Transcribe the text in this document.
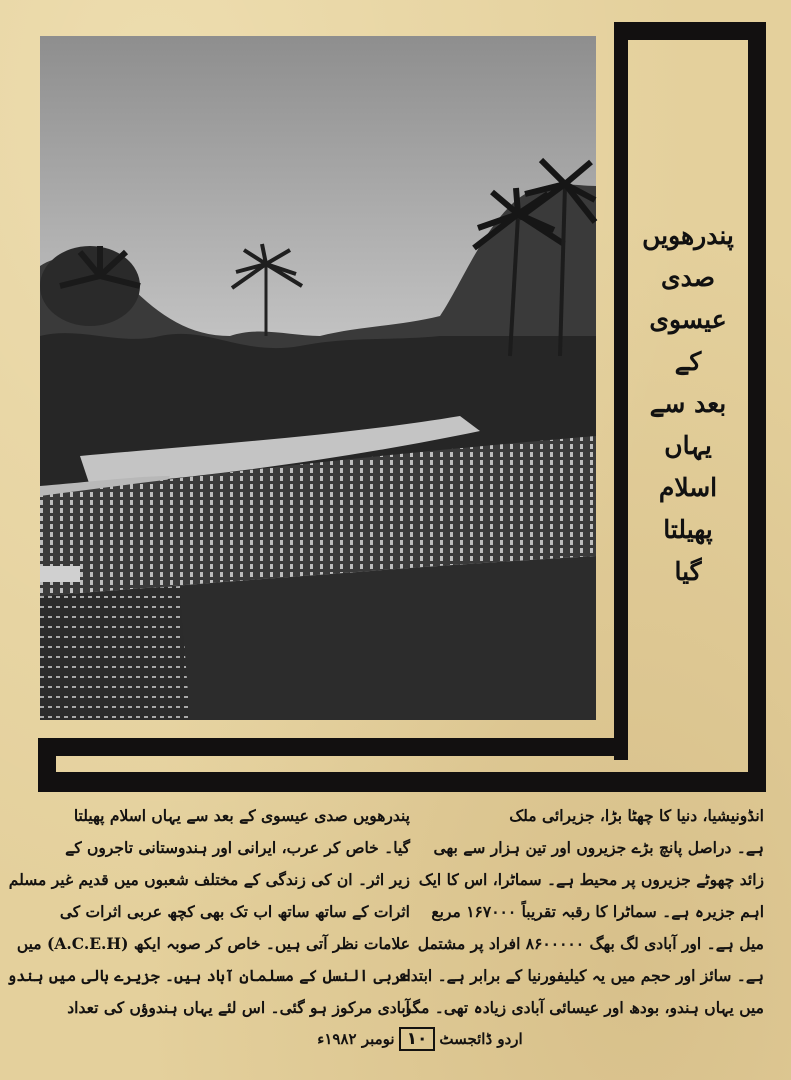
پندرھویں
صدی
عیسوی
کے
بعد سے
یہاں
اسلام
پھیلتا
گیا
انڈونیشیا، دنیا کا چھٹا بڑا، جزیرائی ملک
ہے۔ دراصل پانچ بڑے جزیروں اور تین ہزار سے بھی
زائد چھوٹے جزیروں پر محیط ہے۔ سماٹرا، اس کا ایک
اہم جزیرہ ہے۔ سماٹرا کا رقبہ تقریباً ۱۶۷۰۰۰ مربع
میل ہے۔ اور آبادی لگ بھگ ۸۶۰۰۰۰۰ افراد پر مشتمل
ہے۔ سائز اور حجم میں یہ کیلیفورنیا کے برابر ہے۔ ابتداء
میں یہاں ہندو، بودھ اور عیسائی آبادی زیادہ تھی۔ مگر
پندرھویں صدی عیسوی کے بعد سے یہاں اسلام پھیلتا
گیا۔ خاص کر عرب، ایرانی اور ہندوستانی تاجروں کے
زیر اثر۔ ان کی زندگی کے مختلف شعبوں میں قدیم غیر مسلم
اثرات کے ساتھ ساتھ اب تک بھی کچھ عربی اثرات کی
علامات نظر آتی ہیں۔ خاص کر صوبہ ایکھ (A.C.E.H) میں
عربی النسل کے مسلمان آباد ہیں۔ جزیرے بالی میں ہندو
آبادی مرکوز ہو گئی۔ اس لئے یہاں ہندوؤں کی تعداد
اردو ڈائجسٹ
۱۰
نومبر ۱۹۸۲ء
